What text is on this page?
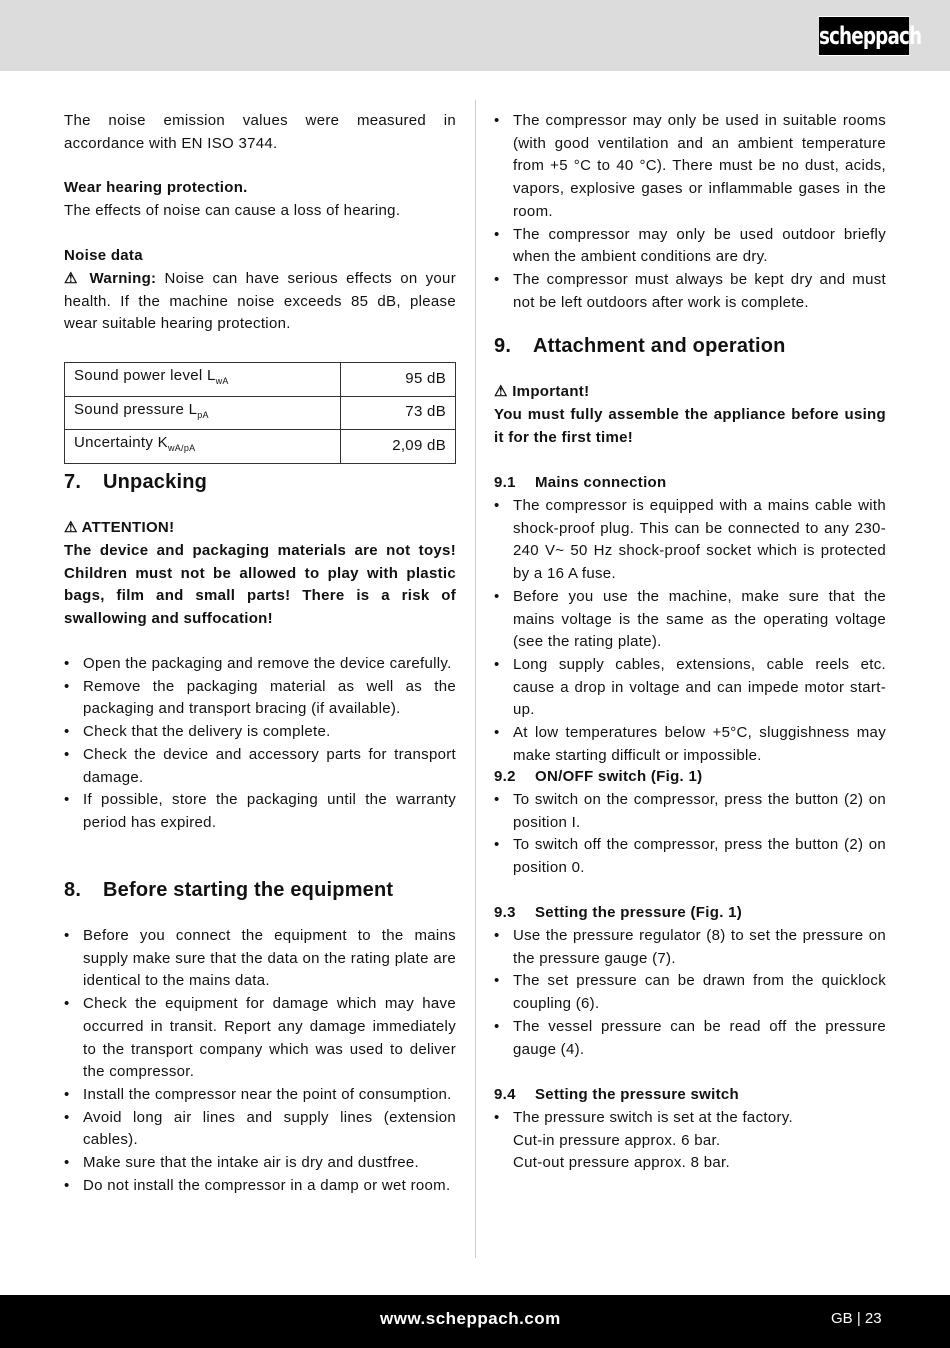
scheppach

The noise emission values were measured in accordance with EN ISO 3744.

Wear hearing protection.

The effects of noise can cause a loss of hearing.

Noise data

⚠ Warning: Noise can have serious effects on your health. If the machine noise exceeds 85 dB, please wear suitable hearing protection.

Sound power level $L_{wA}$	95 dB
Sound pressure $L_{pA}$	73 dB
Uncertainty $K_{wA/pA}$	2,09 dB
7. Unpacking

⚠ ATTENTION!

The device and packaging materials are not toys! Children must not be allowed to play with plastic bags, film and small parts! There is a risk of swallowing and suffocation!

• Open the packaging and remove the device carefully.
• Remove the packaging material as well as the packaging and transport bracing (if available).
• Check that the delivery is complete.
• Check the device and accessory parts for transport damage.
• If possible, store the packaging until the warranty period has expired.
8. Before starting the equipment
• Before you connect the equipment to the mains supply make sure that the data on the rating plate are identical to the mains data.
• Check the equipment for damage which may have occurred in transit. Report any damage immediately to the transport company which was used to deliver the compressor.
• Install the compressor near the point of consumption.
• Avoid long air lines and supply lines (extension cables).
• Make sure that the intake air is dry and dustfree.
• Do not install the compressor in a damp or wet room.
• The compressor may only be used in suitable rooms (with good ventilation and an ambient temperature from +5 °C to 40 °C). There must be no dust, acids, vapors, explosive gases or inflammable gases in the room.
• The compressor may only be used outdoor briefly when the ambient conditions are dry.
• The compressor must always be kept dry and must not be left outdoors after work is complete.
9. Attachment and operation

⚠ Important!

You must fully assemble the appliance before using it for the first time!

9.1 Mains connection
• The compressor is equipped with a mains cable with shock-proof plug. This can be connected to any 230-240 V~ 50 Hz shock-proof socket which is protected by a 16 A fuse.
• Before you use the machine, make sure that the mains voltage is the same as the operating voltage (see the rating plate).
• Long supply cables, extensions, cable reels etc. cause a drop in voltage and can impede motor start-up.
• At low temperatures below +5°C, sluggishness may make starting difficult or impossible.
9.2 ON/OFF switch (Fig. 1)
• To switch on the compressor, press the button (2) on position I.
• To switch off the compressor, press the button (2) on position 0.
9.3 Setting the pressure (Fig. 1)
• Use the pressure regulator (8) to set the pressure on the pressure gauge (7).
• The set pressure can be drawn from the quicklock coupling (6).
• The vessel pressure can be read off the pressure gauge (4).
9.4 Setting the pressure switch
• The pressure switch is set at the factory.
Cut-in pressure approx. 6 bar.
Cut-out pressure approx. 8 bar.
www.scheppach.com	GB | 23
